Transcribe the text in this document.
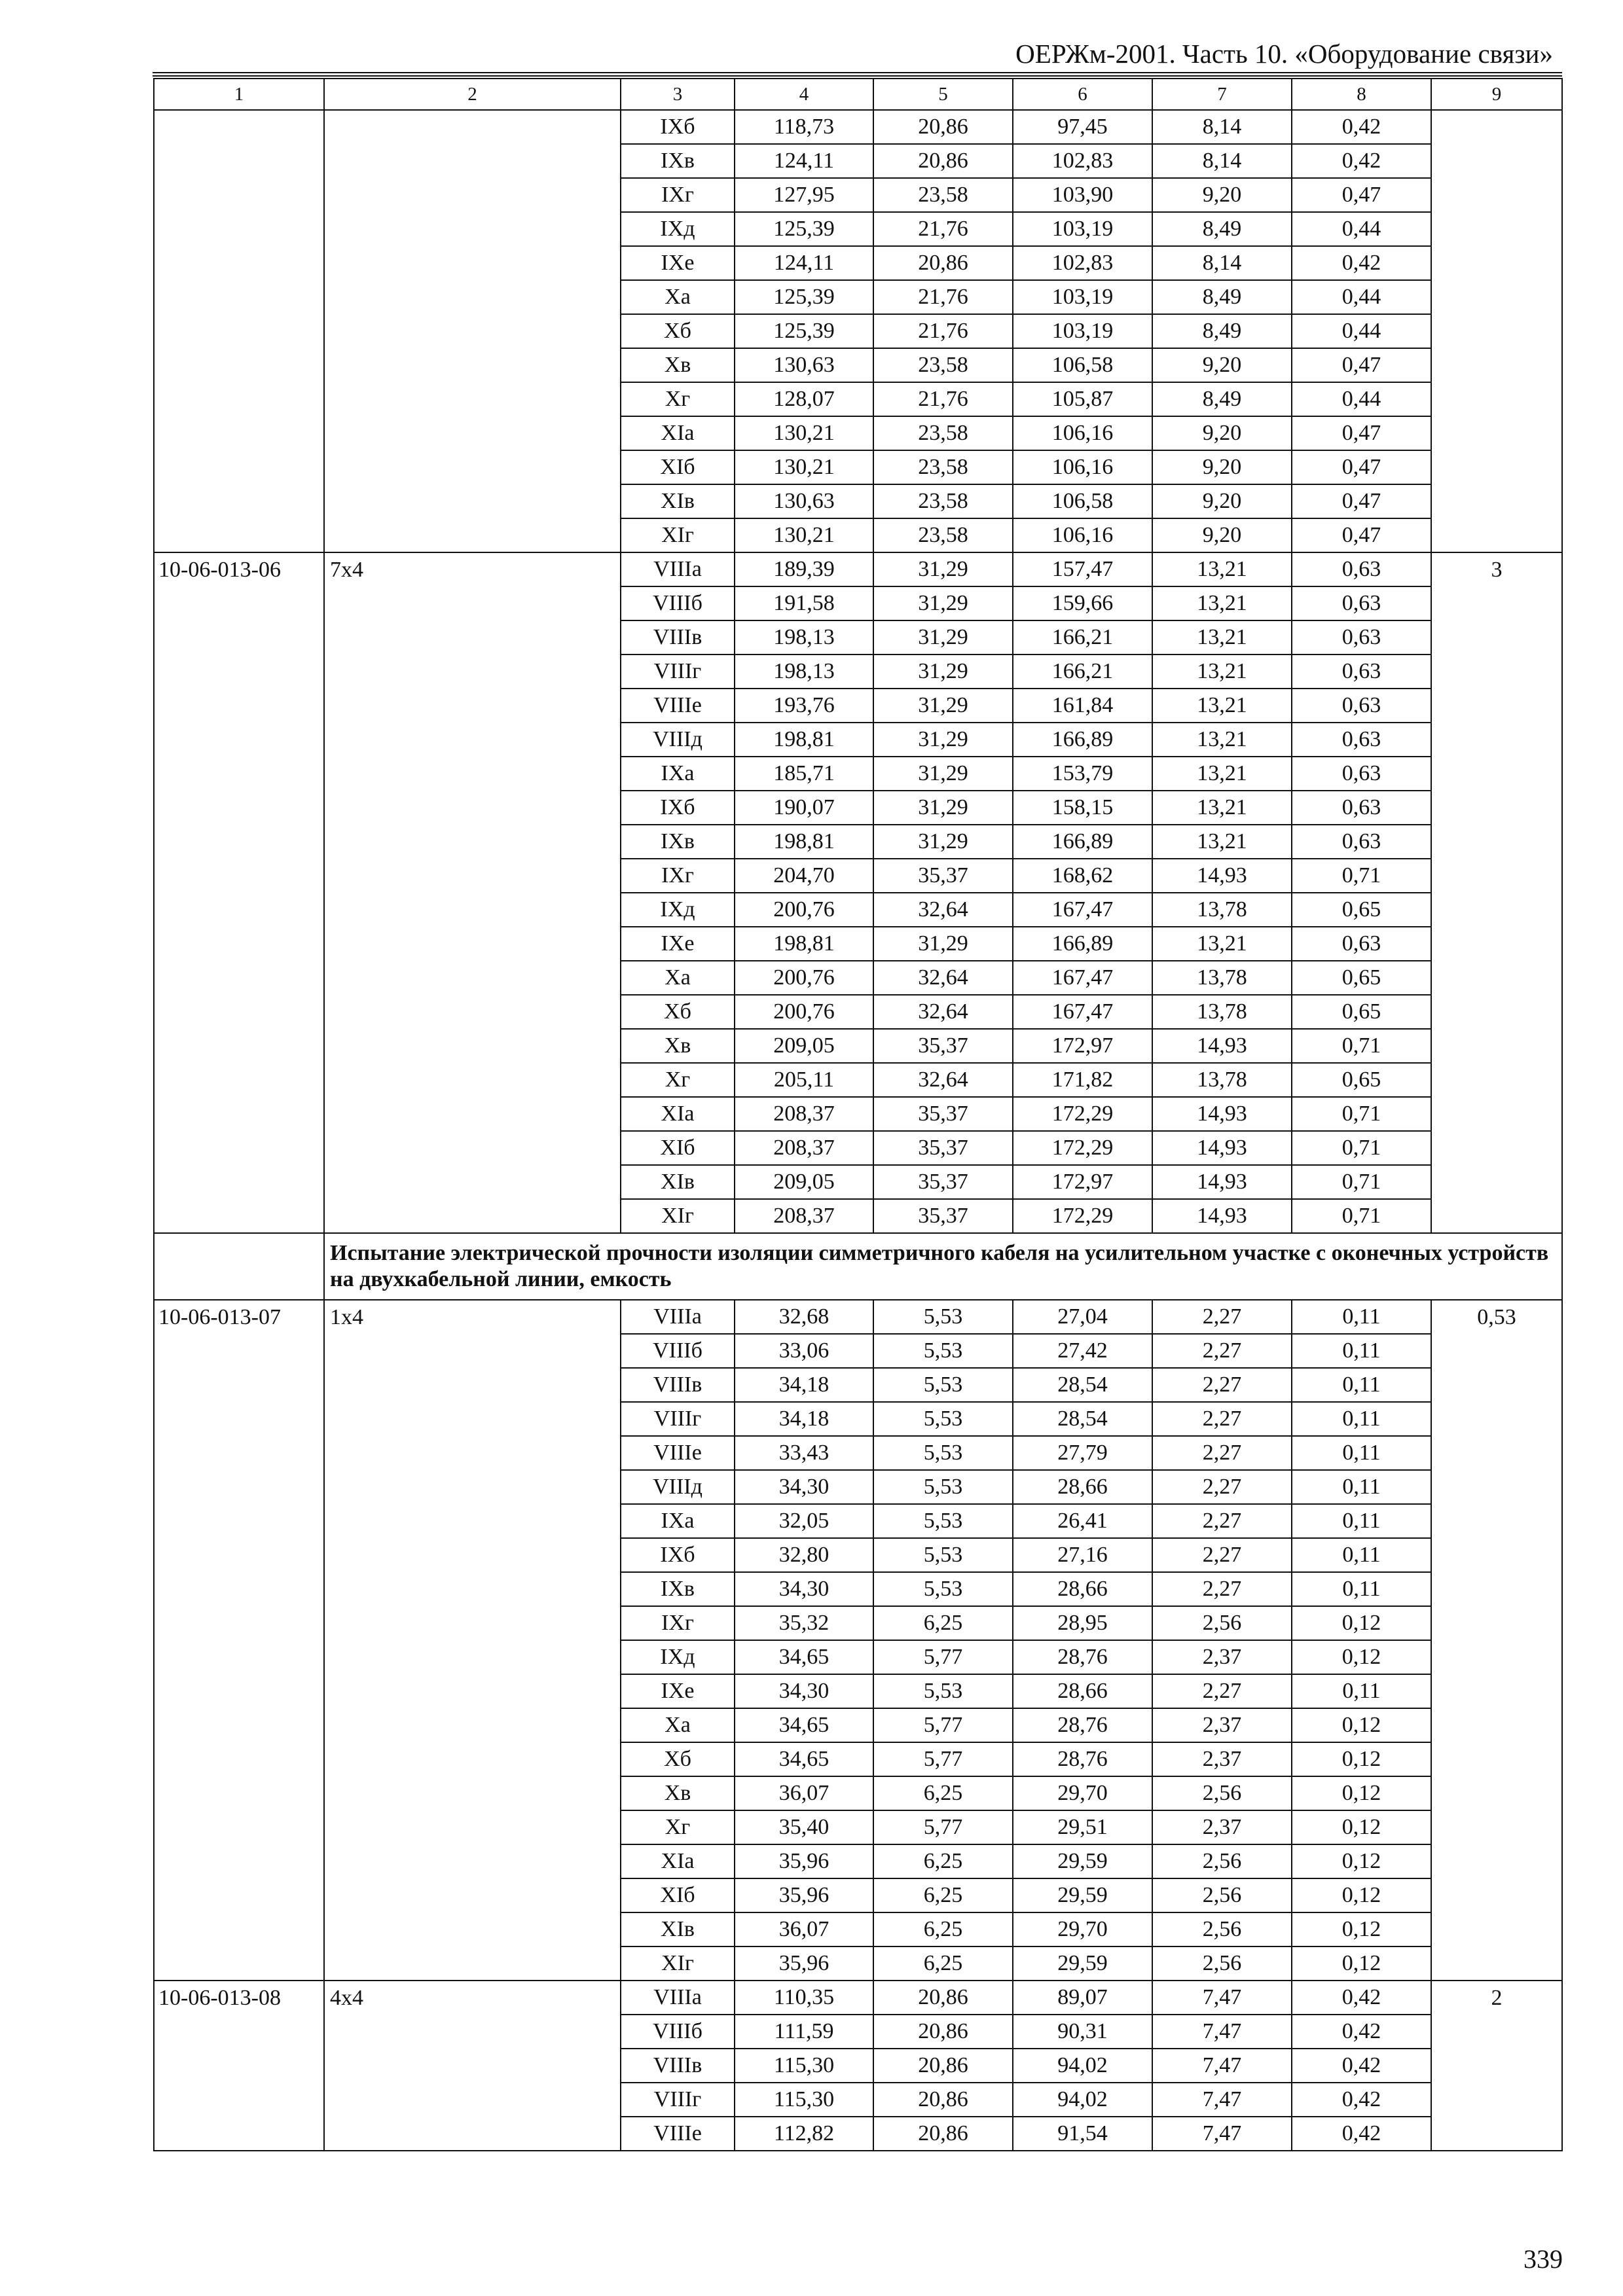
ОЕРЖм-2001. Часть 10. «Оборудование связи»
1	2	3	4	5	6	7	8	9
		IXб	118,73	20,86	97,45	8,14	0,42	
		IXв	124,11	20,86	102,83	8,14	0,42	
		IXг	127,95	23,58	103,90	9,20	0,47	
		IXд	125,39	21,76	103,19	8,49	0,44	
		IXе	124,11	20,86	102,83	8,14	0,42	
		Xа	125,39	21,76	103,19	8,49	0,44	
		Xб	125,39	21,76	103,19	8,49	0,44	
		Xв	130,63	23,58	106,58	9,20	0,47	
		Xг	128,07	21,76	105,87	8,49	0,44	
		XIа	130,21	23,58	106,16	9,20	0,47	
		XIб	130,21	23,58	106,16	9,20	0,47	
		XIв	130,63	23,58	106,58	9,20	0,47	
		XIг	130,21	23,58	106,16	9,20	0,47	
10-06-013-06	7x4	VIIIа	189,39	31,29	157,47	13,21	0,63	3
		VIIIб	191,58	31,29	159,66	13,21	0,63	
		VIIIв	198,13	31,29	166,21	13,21	0,63	
		VIIIг	198,13	31,29	166,21	13,21	0,63	
		VIIIе	193,76	31,29	161,84	13,21	0,63	
		VIIIд	198,81	31,29	166,89	13,21	0,63	
		IXа	185,71	31,29	153,79	13,21	0,63	
		IXб	190,07	31,29	158,15	13,21	0,63	
		IXв	198,81	31,29	166,89	13,21	0,63	
		IXг	204,70	35,37	168,62	14,93	0,71	
		IXд	200,76	32,64	167,47	13,78	0,65	
		IXе	198,81	31,29	166,89	13,21	0,63	
		Xа	200,76	32,64	167,47	13,78	0,65	
		Xб	200,76	32,64	167,47	13,78	0,65	
		Xв	209,05	35,37	172,97	14,93	0,71	
		Xг	205,11	32,64	171,82	13,78	0,65	
		XIа	208,37	35,37	172,29	14,93	0,71	
		XIб	208,37	35,37	172,29	14,93	0,71	
		XIв	209,05	35,37	172,97	14,93	0,71	
		XIг	208,37	35,37	172,29	14,93	0,71	
	Испытание электрической прочности изоляции симметричного кабеля на усилительном участке с оконечных устройств на двухкабельной линии, емкость							
10-06-013-07	1x4	VIIIа	32,68	5,53	27,04	2,27	0,11	0,53
		VIIIб	33,06	5,53	27,42	2,27	0,11	
		VIIIв	34,18	5,53	28,54	2,27	0,11	
		VIIIг	34,18	5,53	28,54	2,27	0,11	
		VIIIе	33,43	5,53	27,79	2,27	0,11	
		VIIIд	34,30	5,53	28,66	2,27	0,11	
		IXа	32,05	5,53	26,41	2,27	0,11	
		IXб	32,80	5,53	27,16	2,27	0,11	
		IXв	34,30	5,53	28,66	2,27	0,11	
		IXг	35,32	6,25	28,95	2,56	0,12	
		IXд	34,65	5,77	28,76	2,37	0,12	
		IXе	34,30	5,53	28,66	2,27	0,11	
		Xа	34,65	5,77	28,76	2,37	0,12	
		Xб	34,65	5,77	28,76	2,37	0,12	
		Xв	36,07	6,25	29,70	2,56	0,12	
		Xг	35,40	5,77	29,51	2,37	0,12	
		XIа	35,96	6,25	29,59	2,56	0,12	
		XIб	35,96	6,25	29,59	2,56	0,12	
		XIв	36,07	6,25	29,70	2,56	0,12	
		XIг	35,96	6,25	29,59	2,56	0,12	
10-06-013-08	4x4	VIIIа	110,35	20,86	89,07	7,47	0,42	2
		VIIIб	111,59	20,86	90,31	7,47	0,42	
		VIIIв	115,30	20,86	94,02	7,47	0,42	
		VIIIг	115,30	20,86	94,02	7,47	0,42	
		VIIIе	112,82	20,86	91,54	7,47	0,42	
339
